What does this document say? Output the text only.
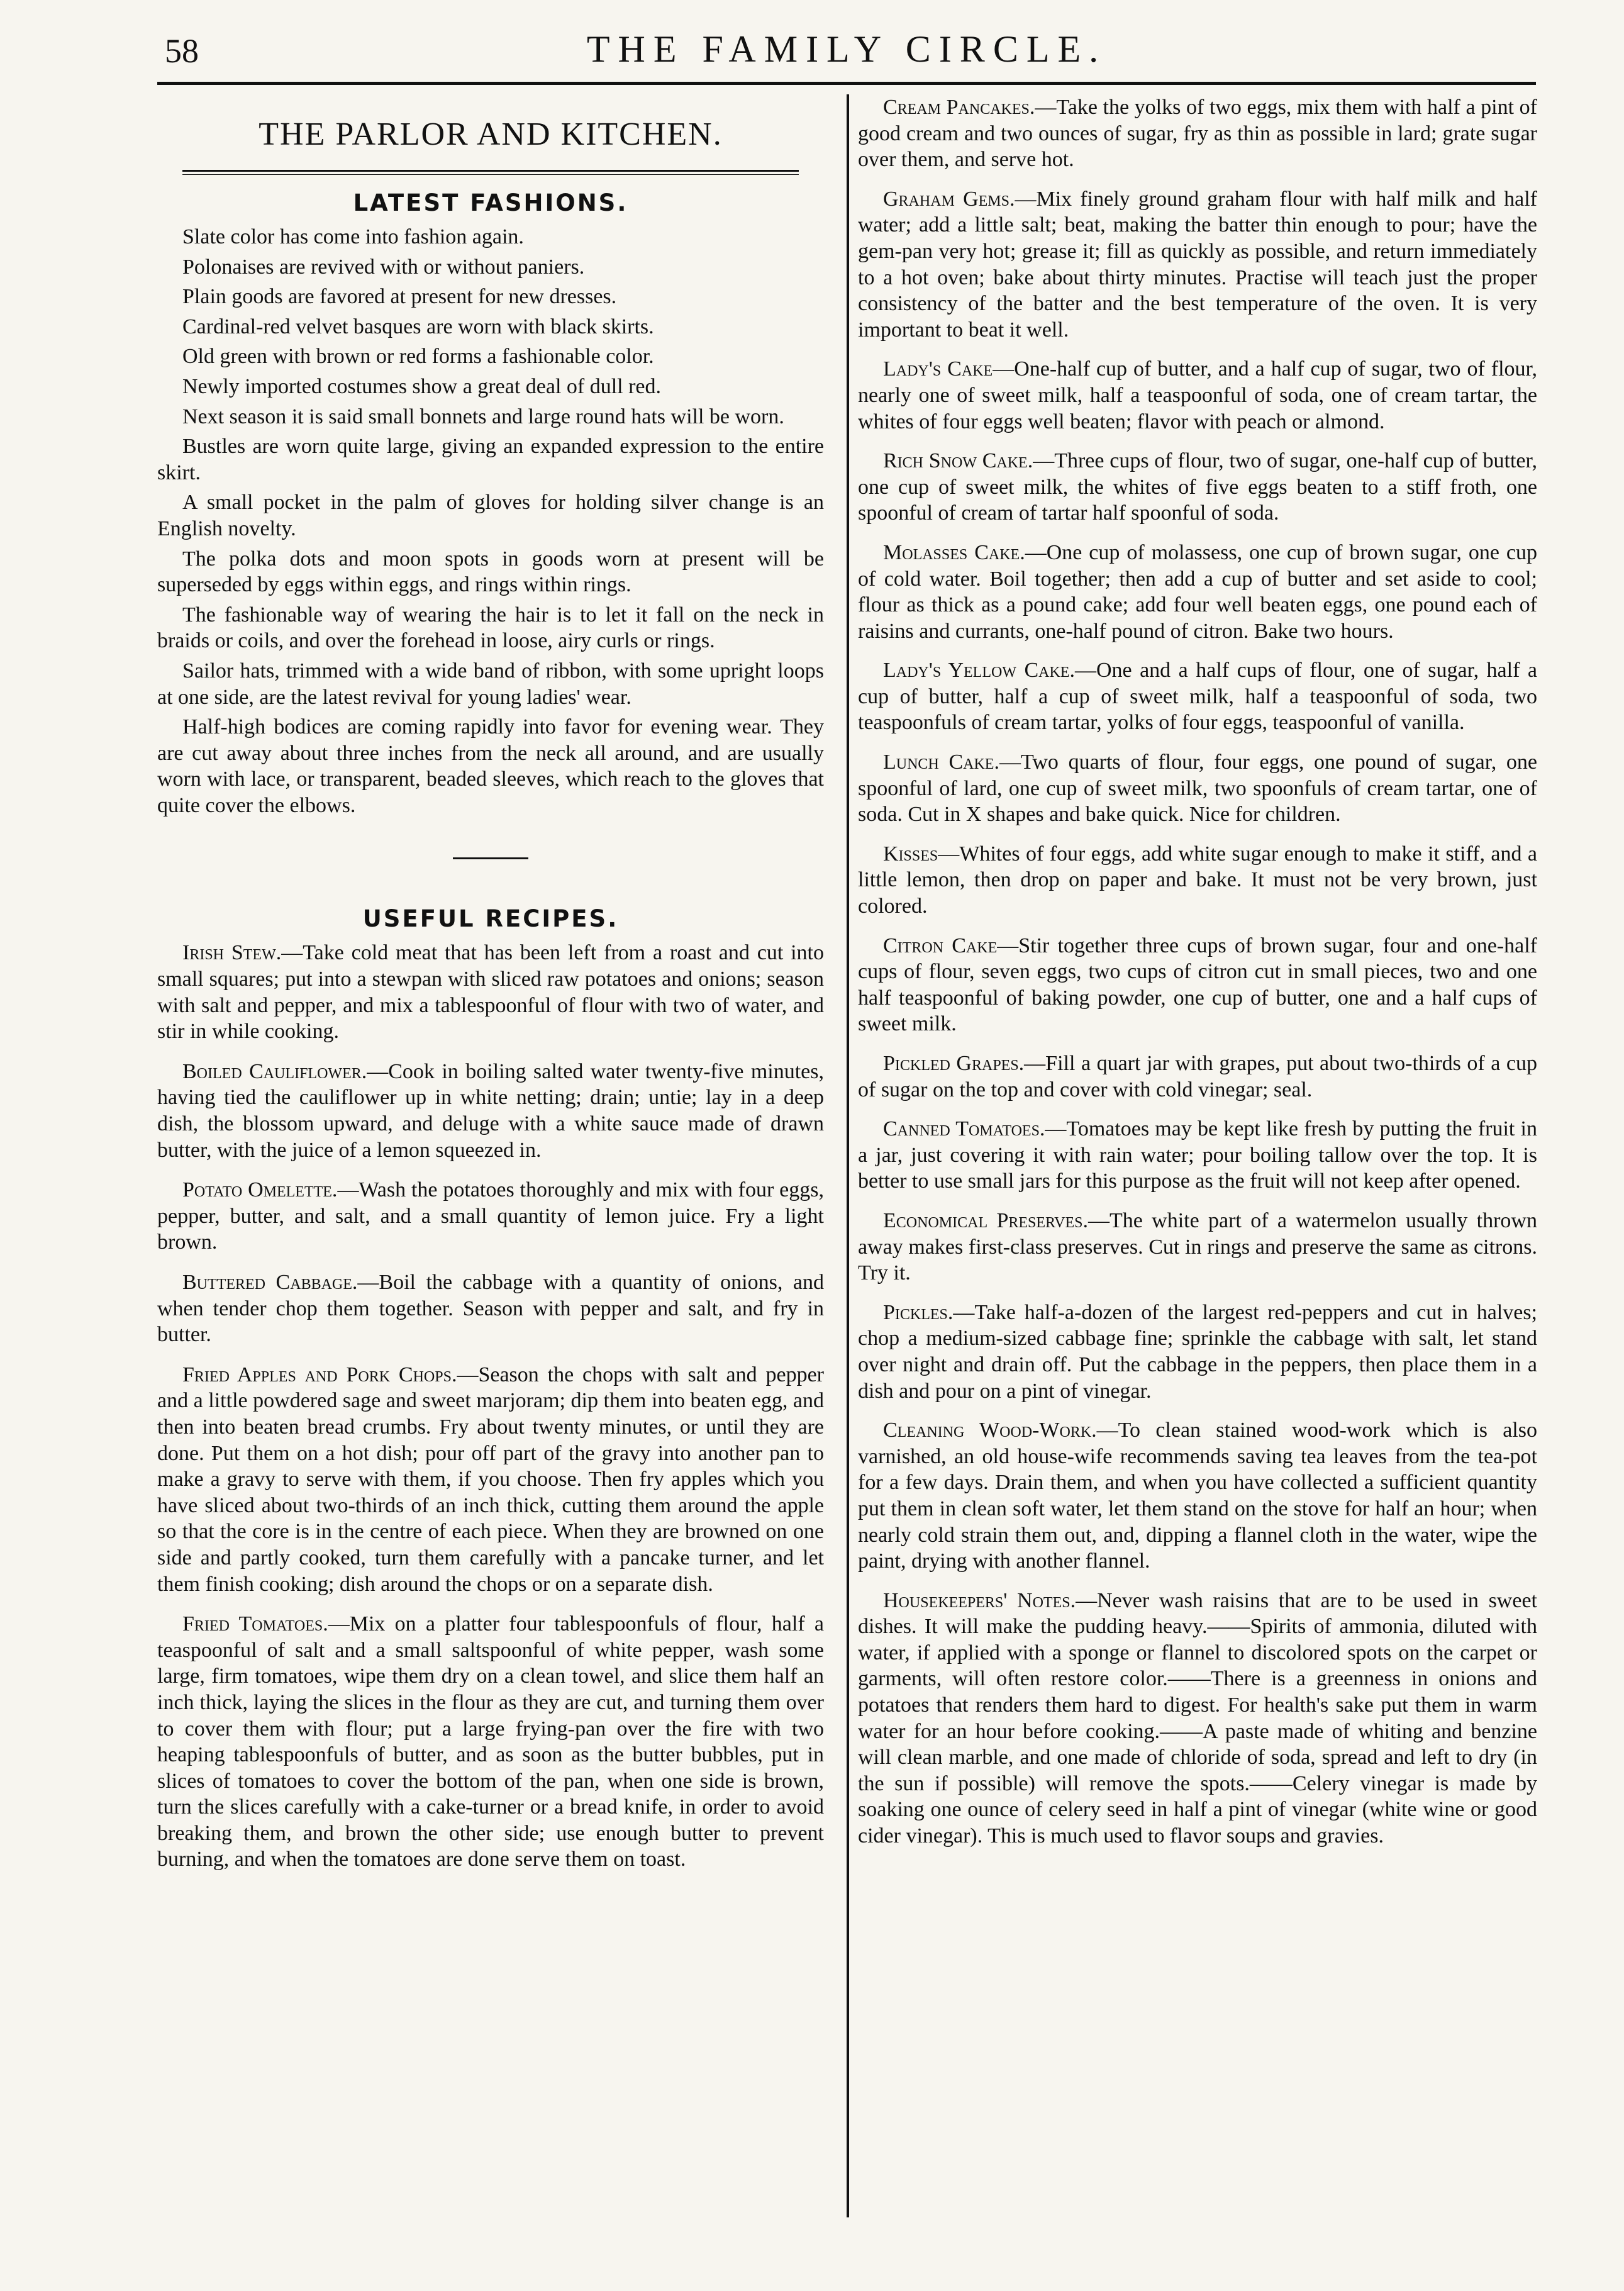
58	THE FAMILY CIRCLE.
THE PARLOR AND KITCHEN.
LATEST FASHIONS.

Slate color has come into fashion again.

Polonaises are revived with or without paniers.

Plain goods are favored at present for new dresses.

Cardinal-red velvet basques are worn with black skirts.

Old green with brown or red forms a fashionable color.

Newly imported costumes show a great deal of dull red.

Next season it is said small bonnets and large round hats will be worn.

Bustles are worn quite large, giving an expanded expression to the entire skirt.

A small pocket in the palm of gloves for holding silver change is an English novelty.

The polka dots and moon spots in goods worn at present will be superseded by eggs within eggs, and rings within rings.

The fashionable way of wearing the hair is to let it fall on the neck in braids or coils, and over the forehead in loose, airy curls or rings.

Sailor hats, trimmed with a wide band of ribbon, with some upright loops at one side, are the latest revival for young ladies' wear.

Half-high bodices are coming rapidly into favor for evening wear. They are cut away about three inches from the neck all around, and are usually worn with lace, or transparent, beaded sleeves, which reach to the gloves that quite cover the elbows.

USEFUL RECIPES.

Irish Stew.—Take cold meat that has been left from a roast and cut into small squares; put into a stewpan with sliced raw potatoes and onions; season with salt and pepper, and mix a tablespoonful of flour with two of water, and stir in while cooking.

Boiled Cauliflower.—Cook in boiling salted water twenty-five minutes, having tied the cauliflower up in white netting; drain; untie; lay in a deep dish, the blossom upward, and deluge with a white sauce made of drawn butter, with the juice of a lemon squeezed in.

Potato Omelette.—Wash the potatoes thoroughly and mix with four eggs, pepper, butter, and salt, and a small quantity of lemon juice. Fry a light brown.

Buttered Cabbage.—Boil the cabbage with a quantity of onions, and when tender chop them together. Season with pepper and salt, and fry in butter.

Fried Apples and Pork Chops.—Season the chops with salt and pepper and a little powdered sage and sweet marjoram; dip them into beaten egg, and then into beaten bread crumbs. Fry about twenty minutes, or until they are done. Put them on a hot dish; pour off part of the gravy into another pan to make a gravy to serve with them, if you choose. Then fry apples which you have sliced about two-thirds of an inch thick, cutting them around the apple so that the core is in the centre of each piece. When they are browned on one side and partly cooked, turn them carefully with a pancake turner, and let them finish cooking; dish around the chops or on a separate dish.

Fried Tomatoes.—Mix on a platter four tablespoonfuls of flour, half a teaspoonful of salt and a small saltspoonful of white pepper, wash some large, firm tomatoes, wipe them dry on a clean towel, and slice them half an inch thick, laying the slices in the flour as they are cut, and turning them over to cover them with flour; put a large frying-pan over the fire with two heaping tablespoonfuls of butter, and as soon as the butter bubbles, put in slices of tomatoes to cover the bottom of the pan, when one side is brown, turn the slices carefully with a cake-turner or a bread knife, in order to avoid breaking them, and brown the other side; use enough butter to prevent burning, and when the tomatoes are done serve them on toast.

Cream Pancakes.—Take the yolks of two eggs, mix them with half a pint of good cream and two ounces of sugar, fry as thin as possible in lard; grate sugar over them, and serve hot.

Graham Gems.—Mix finely ground graham flour with half milk and half water; add a little salt; beat, making the batter thin enough to pour; have the gem-pan very hot; grease it; fill as quickly as possible, and return immediately to a hot oven; bake about thirty minutes. Practise will teach just the proper consistency of the batter and the best temperature of the oven. It is very important to beat it well.

Lady's Cake—One-half cup of butter, and a half cup of sugar, two of flour, nearly one of sweet milk, half a teaspoonful of soda, one of cream tartar, the whites of four eggs well beaten; flavor with peach or almond.

Rich Snow Cake.—Three cups of flour, two of sugar, one-half cup of butter, one cup of sweet milk, the whites of five eggs beaten to a stiff froth, one spoonful of cream of tartar half spoonful of soda.

Molasses Cake.—One cup of molassess, one cup of brown sugar, one cup of cold water. Boil together; then add a cup of butter and set aside to cool; flour as thick as a pound cake; add four well beaten eggs, one pound each of raisins and currants, one-half pound of citron. Bake two hours.

Lady's Yellow Cake.—One and a half cups of flour, one of sugar, half a cup of butter, half a cup of sweet milk, half a teaspoonful of soda, two teaspoonfuls of cream tartar, yolks of four eggs, teaspoonful of vanilla.

Lunch Cake.—Two quarts of flour, four eggs, one pound of sugar, one spoonful of lard, one cup of sweet milk, two spoonfuls of cream tartar, one of soda. Cut in X shapes and bake quick. Nice for children.

Kisses—Whites of four eggs, add white sugar enough to make it stiff, and a little lemon, then drop on paper and bake. It must not be very brown, just colored.

Citron Cake—Stir together three cups of brown sugar, four and one-half cups of flour, seven eggs, two cups of citron cut in small pieces, two and one half teaspoonful of baking powder, one cup of butter, one and a half cups of sweet milk.

Pickled Grapes.—Fill a quart jar with grapes, put about two-thirds of a cup of sugar on the top and cover with cold vinegar; seal.

Canned Tomatoes.—Tomatoes may be kept like fresh by putting the fruit in a jar, just covering it with rain water; pour boiling tallow over the top. It is better to use small jars for this purpose as the fruit will not keep after opened.

Economical Preserves.—The white part of a watermelon usually thrown away makes first-class preserves. Cut in rings and preserve the same as citrons. Try it.

Pickles.—Take half-a-dozen of the largest red-peppers and cut in halves; chop a medium-sized cabbage fine; sprinkle the cabbage with salt, let stand over night and drain off. Put the cabbage in the peppers, then place them in a dish and pour on a pint of vinegar.

Cleaning Wood-Work.—To clean stained wood-work which is also varnished, an old house-wife recommends saving tea leaves from the tea-pot for a few days. Drain them, and when you have collected a sufficient quantity put them in clean soft water, let them stand on the stove for half an hour; when nearly cold strain them out, and, dipping a flannel cloth in the water, wipe the paint, drying with another flannel.

Housekeepers' Notes.—Never wash raisins that are to be used in sweet dishes. It will make the pudding heavy.——Spirits of ammonia, diluted with water, if applied with a sponge or flannel to discolored spots on the carpet or garments, will often restore color.——There is a greenness in onions and potatoes that renders them hard to digest. For health's sake put them in warm water for an hour before cooking.——A paste made of whiting and benzine will clean marble, and one made of chloride of soda, spread and left to dry (in the sun if possible) will remove the spots.——Celery vinegar is made by soaking one ounce of celery seed in half a pint of vinegar (white wine or good cider vinegar). This is much used to flavor soups and gravies.
